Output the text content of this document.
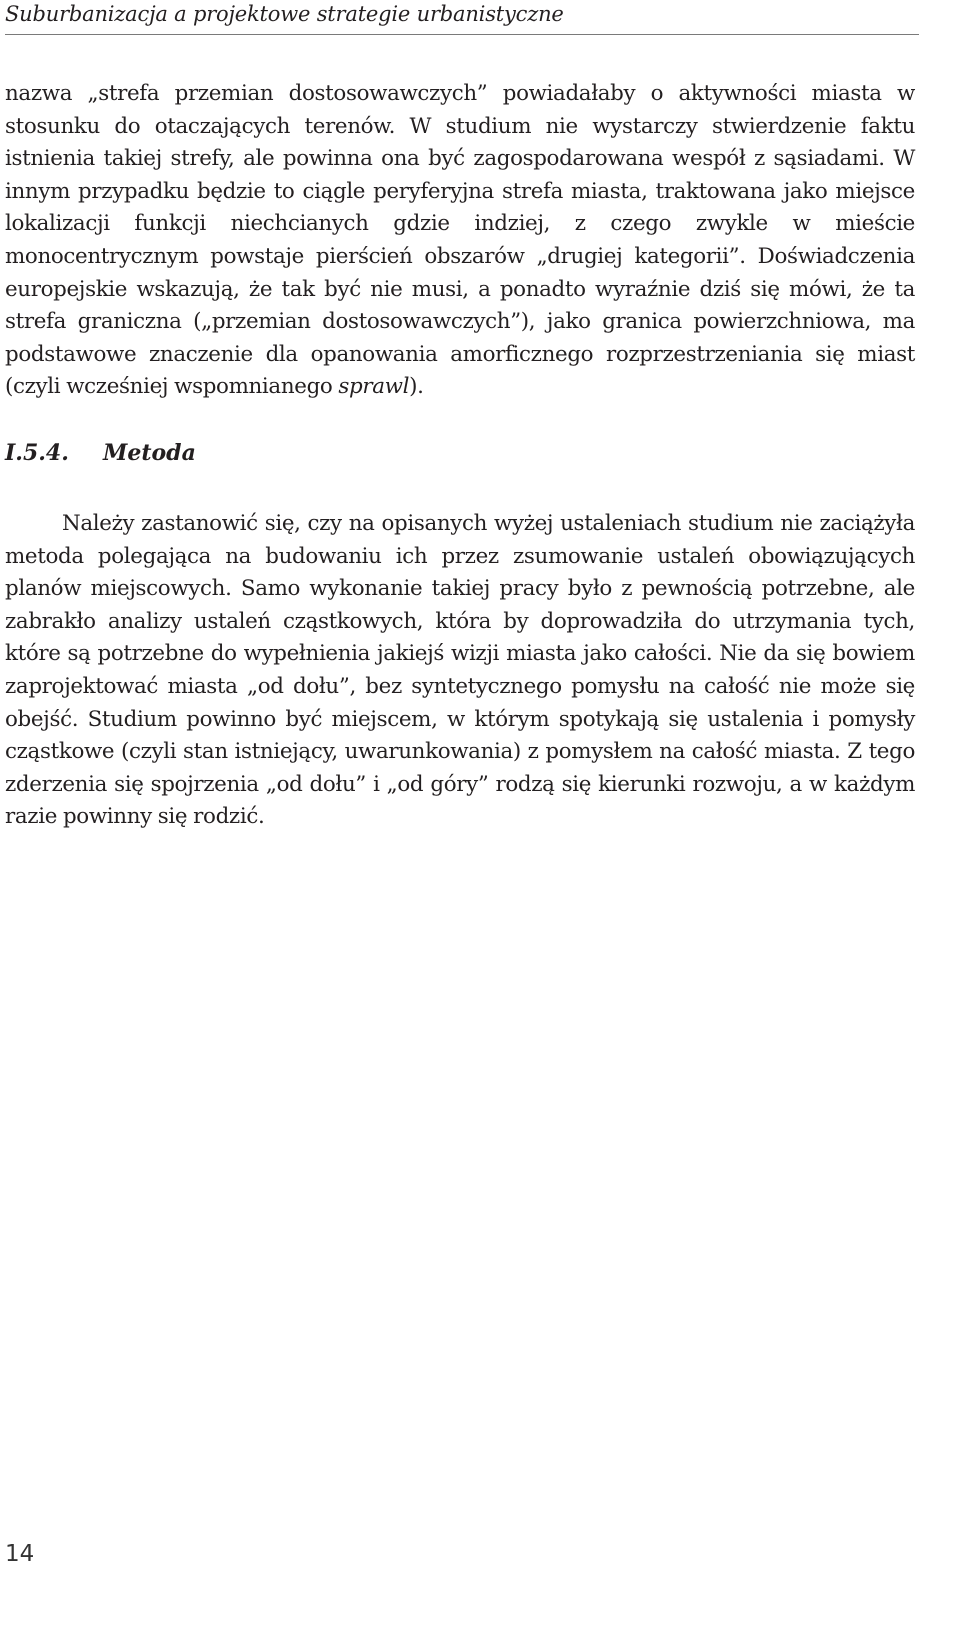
Suburbanizacja a projektowe strategie urbanistyczne

nazwa „strefa przemian dostosowawczych” powiadałaby o aktywności miasta w stosunku do otaczających terenów. W studium nie wystarczy stwierdzenie faktu istnienia takiej strefy, ale powinna ona być zagospodarowana wespół z sąsiadami. W innym przypadku będzie to ciągle peryferyjna strefa miasta, traktowana jako miejsce lokalizacji funkcji niechcianych gdzie indziej, z czego zwykle w mieście monocentrycznym powstaje pierścień obszarów „drugiej kategorii”. Doświadczenia europejskie wskazują, że tak być nie musi, a ponadto wyraźnie dziś się mówi, że ta strefa graniczna („przemian dostosowawczych”), jako granica powierzchniowa, ma podstawowe znaczenie dla opanowania amorficznego rozprzestrzeniania się miast (czyli wcześniej wspomnianego sprawl).

I.5.4. Metoda

Należy zastanowić się, czy na opisanych wyżej ustaleniach studium nie zaciążyła metoda polegająca na budowaniu ich przez zsumowanie ustaleń obowiązujących planów miejscowych. Samo wykonanie takiej pracy było z pewnością potrzebne, ale zabrakło analizy ustaleń cząstkowych, która by doprowadziła do utrzymania tych, które są potrzebne do wypełnienia jakiejś wizji miasta jako całości. Nie da się bowiem zaprojektować miasta „od dołu”, bez syntetycznego pomysłu na całość nie może się obejść. Studium powinno być miejscem, w którym spotykają się ustalenia i pomysły cząstkowe (czyli stan istniejący, uwarunkowania) z pomysłem na całość miasta. Z tego zderzenia się spojrzenia „od dołu” i „od góry” rodzą się kierunki rozwoju, a w każdym razie powinny się rodzić.

14
